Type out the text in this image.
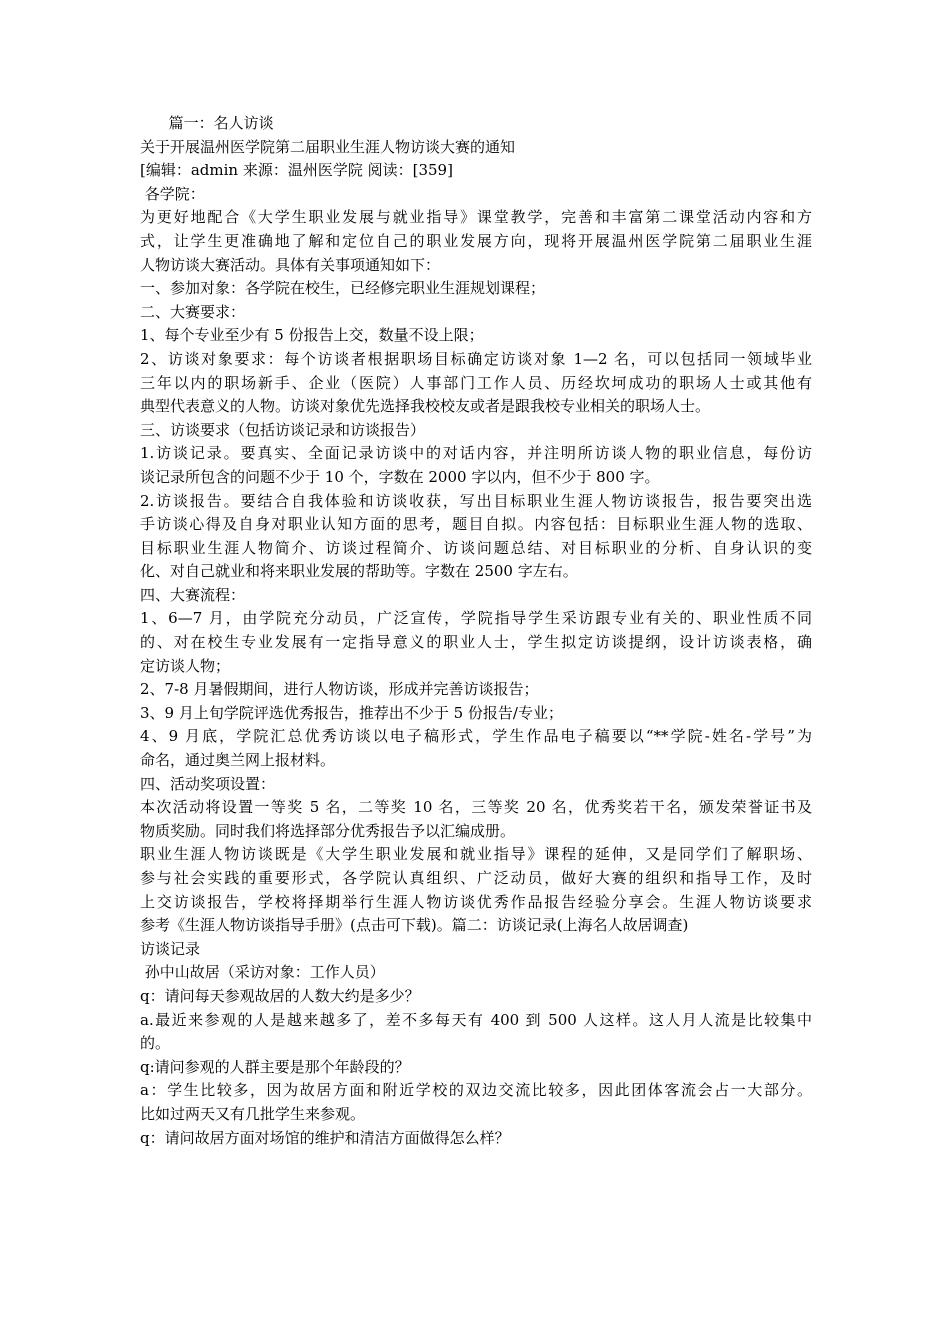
篇一：名人访谈
关于开展温州医学院第二届职业生涯人物访谈大赛的通知
[编辑：admin 来源：温州医学院 阅读：[359]
各学院：
为更好地配合《大学生职业发展与就业指导》课堂教学，完善和丰富第二课堂活动内容和方
式，让学生更准确地了解和定位自己的职业发展方向，现将开展温州医学院第二届职业生涯
人物访谈大赛活动。具体有关事项通知如下：
一、参加对象：各学院在校生，已经修完职业生涯规划课程；
二、大赛要求：
1、每个专业至少有 5 份报告上交，数量不设上限；
2、访谈对象要求：每个访谈者根据职场目标确定访谈对象 1—2 名，可以包括同一领域毕业
三年以内的职场新手、企业（医院）人事部门工作人员、历经坎坷成功的职场人士或其他有
典型代表意义的人物。访谈对象优先选择我校校友或者是跟我校专业相关的职场人士。
三、访谈要求（包括访谈记录和访谈报告）
1.访谈记录。要真实、全面记录访谈中的对话内容，并注明所访谈人物的职业信息，每份访
谈记录所包含的问题不少于 10 个，字数在 2000 字以内，但不少于 800 字。
2.访谈报告。要结合自我体验和访谈收获，写出目标职业生涯人物访谈报告，报告要突出选
手访谈心得及自身对职业认知方面的思考，题目自拟。内容包括：目标职业生涯人物的选取、
目标职业生涯人物简介、访谈过程简介、访谈问题总结、对目标职业的分析、自身认识的变
化、对自己就业和将来职业发展的帮助等。字数在 2500 字左右。
四、大赛流程：
1、6—7 月，由学院充分动员，广泛宣传，学院指导学生采访跟专业有关的、职业性质不同
的、对在校生专业发展有一定指导意义的职业人士，学生拟定访谈提纲，设计访谈表格，确
定访谈人物；
2、7-8 月暑假期间，进行人物访谈，形成并完善访谈报告；
3、9 月上旬学院评选优秀报告，推荐出不少于 5 份报告/专业；
4、9 月底，学院汇总优秀访谈以电子稿形式，学生作品电子稿要以“**学院-姓名-学号”为
命名，通过奥兰网上报材料。
四、活动奖项设置：
本次活动将设置一等奖 5 名，二等奖 10 名，三等奖 20 名，优秀奖若干名，颁发荣誉证书及
物质奖励。同时我们将选择部分优秀报告予以汇编成册。
职业生涯人物访谈既是《大学生职业发展和就业指导》课程的延伸，又是同学们了解职场、
参与社会实践的重要形式，各学院认真组织、广泛动员，做好大赛的组织和指导工作，及时
上交访谈报告，学校将择期举行生涯人物访谈优秀作品报告经验分享会。生涯人物访谈要求
参考《生涯人物访谈指导手册》(点击可下载)。篇二：访谈记录(上海名人故居调查)
访谈记录
孙中山故居（采访对象：工作人员）
q：请问每天参观故居的人数大约是多少？
a.最近来参观的人是越来越多了，差不多每天有 400 到 500 人这样。这人月人流是比较集中
的。
q:请问参观的人群主要是那个年龄段的？
a：学生比较多，因为故居方面和附近学校的双边交流比较多，因此团体客流会占一大部分。
比如过两天又有几批学生来参观。
q：请问故居方面对场馆的维护和清洁方面做得怎么样？
